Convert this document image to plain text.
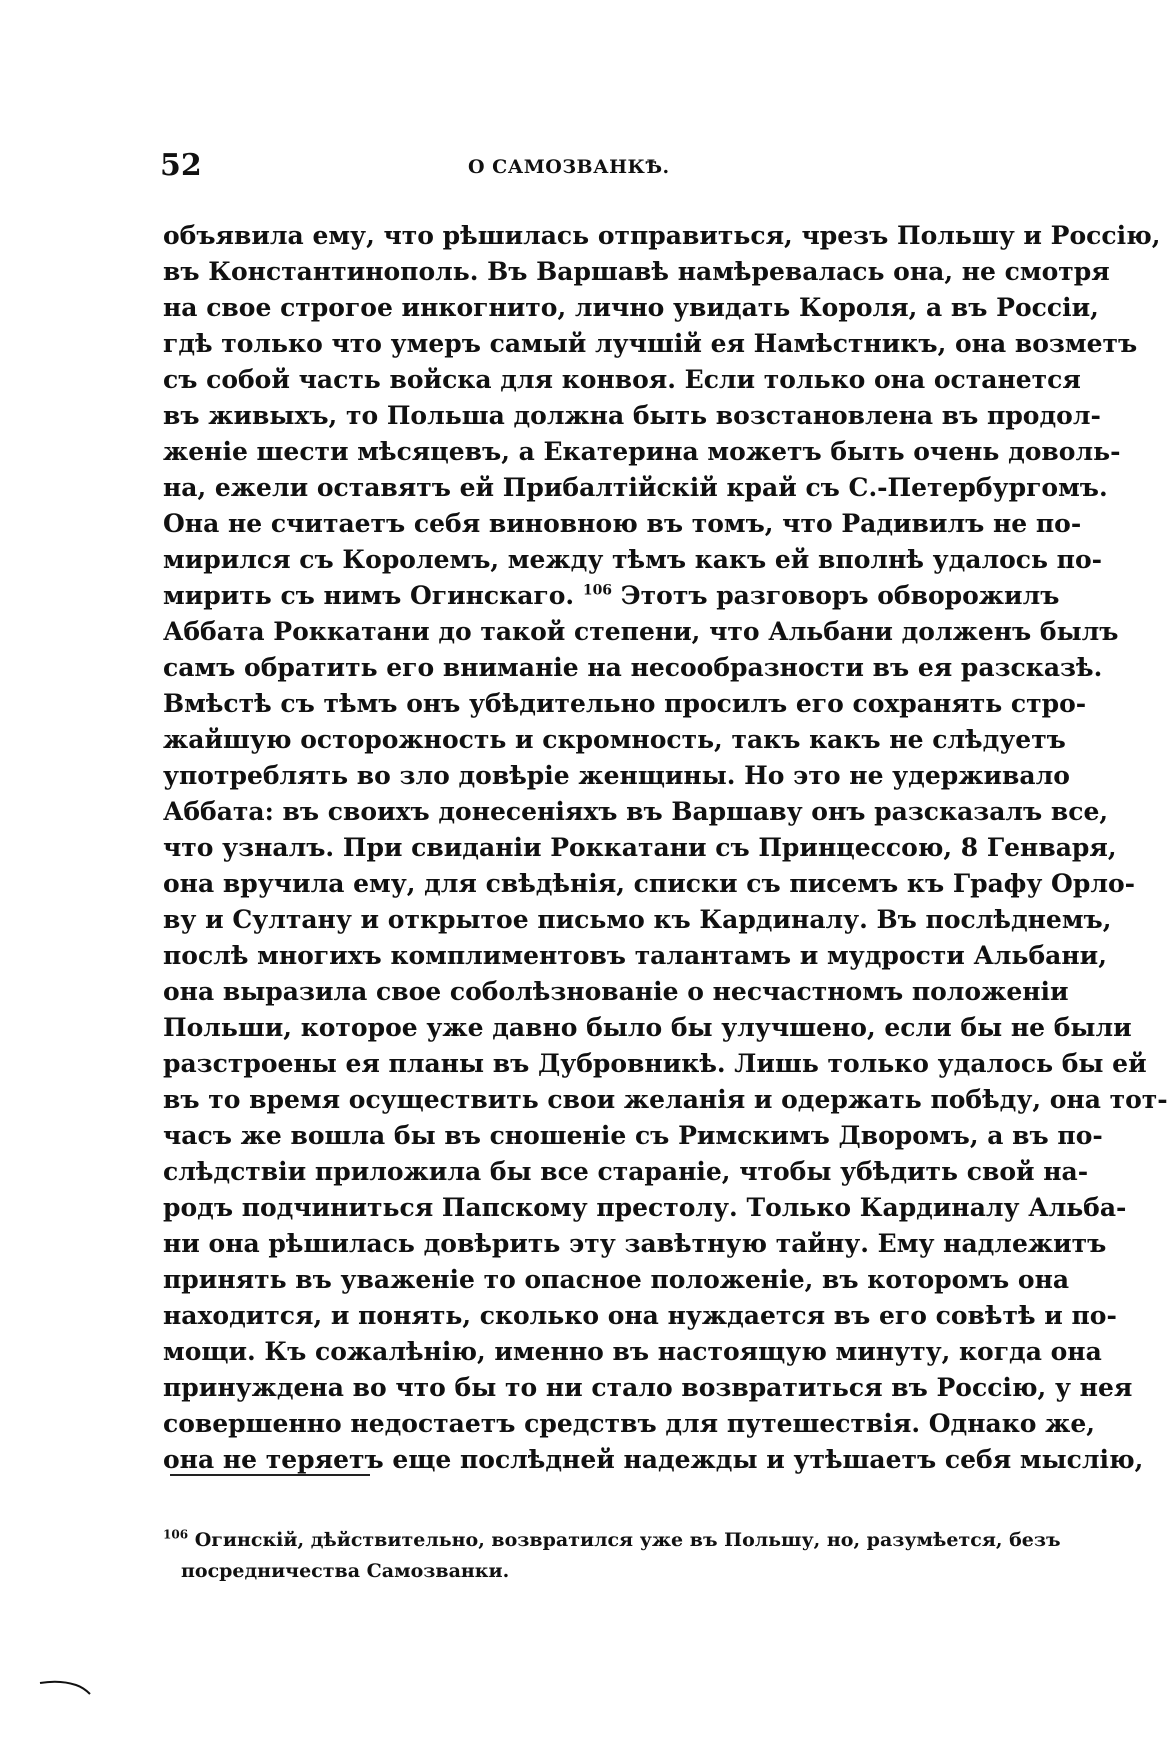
52	О САМОЗВАНКѢ.
объявила ему, что рѣшилась отправиться, чрезъ Польшу и Россію,
въ Константинополь. Въ Варшавѣ намѣревалась она, не смотря
на свое строгое инкогнито, лично увидать Короля, а въ Россіи,
гдѣ только что умеръ самый лучшій ея Намѣстникъ, она возметъ
съ собой часть войска для конвоя. Если только она останется
въ живыхъ, то Польша должна быть возстановлена въ продол-
женіе шести мѣсяцевъ, а Екатерина можетъ быть очень доволь-
на, ежели оставятъ ей Прибалтійскій край съ С.-Петербургомъ.
Она не считаетъ себя виновною въ томъ, что Радивилъ не по-
мирился съ Королемъ, между тѣмъ какъ ей вполнѣ удалось по-
мирить съ нимъ Огинскаго. $^{106}$ Этотъ разговоръ обворожилъ
Аббата Роккатани до такой степени, что Альбани долженъ былъ
самъ обратить его вниманіе на несообразности въ ея разсказѣ.
Вмѣстѣ съ тѣмъ онъ убѣдительно просилъ его сохранять стро-
жайшую осторожность и скромность, такъ какъ не слѣдуетъ
употреблять во зло довѣріе женщины. Но это не удерживало
Аббата: въ своихъ донесеніяхъ въ Варшаву онъ разсказалъ все,
что узналъ. При свиданіи Роккатани съ Принцессою, 8 Генваря,
она вручила ему, для свѣдѣнія, списки съ писемъ къ Графу Орло-
ву и Султану и открытое письмо къ Кардиналу. Въ послѣднемъ,
послѣ многихъ комплиментовъ талантамъ и мудрости Альбани,
она выразила свое соболѣзнованіе о несчастномъ положеніи
Польши, которое уже давно было бы улучшено, если бы не были
разстроены ея планы въ Дубровникѣ. Лишь только удалось бы ей
въ то время осуществить свои желанія и одержать побѣду, она тот-
часъ же вошла бы въ сношеніе съ Римскимъ Дворомъ, а въ по-
слѣдствіи приложила бы все стараніе, чтобы убѣдить свой на-
родъ подчиниться Папскому престолу. Только Кардиналу Альба-
ни она рѣшилась довѣрить эту завѣтную тайну. Ему надлежитъ
принять въ уваженіе то опасное положеніе, въ которомъ она
находится, и понять, сколько она нуждается въ его совѣтѣ и по-
мощи. Къ сожалѣнію, именно въ настоящую минуту, когда она
принуждена во что бы то ни стало возвратиться въ Россію, у нея
совершенно недостаетъ средствъ для путешествія. Однако же,
она не теряетъ еще послѣдней надежды и утѣшаетъ себя мыслію,
$^{106}$ Огинскій, дѣйствительно, возвратился уже въ Польшу, но, разумѣется, безъ
посредничества Самозванки.
